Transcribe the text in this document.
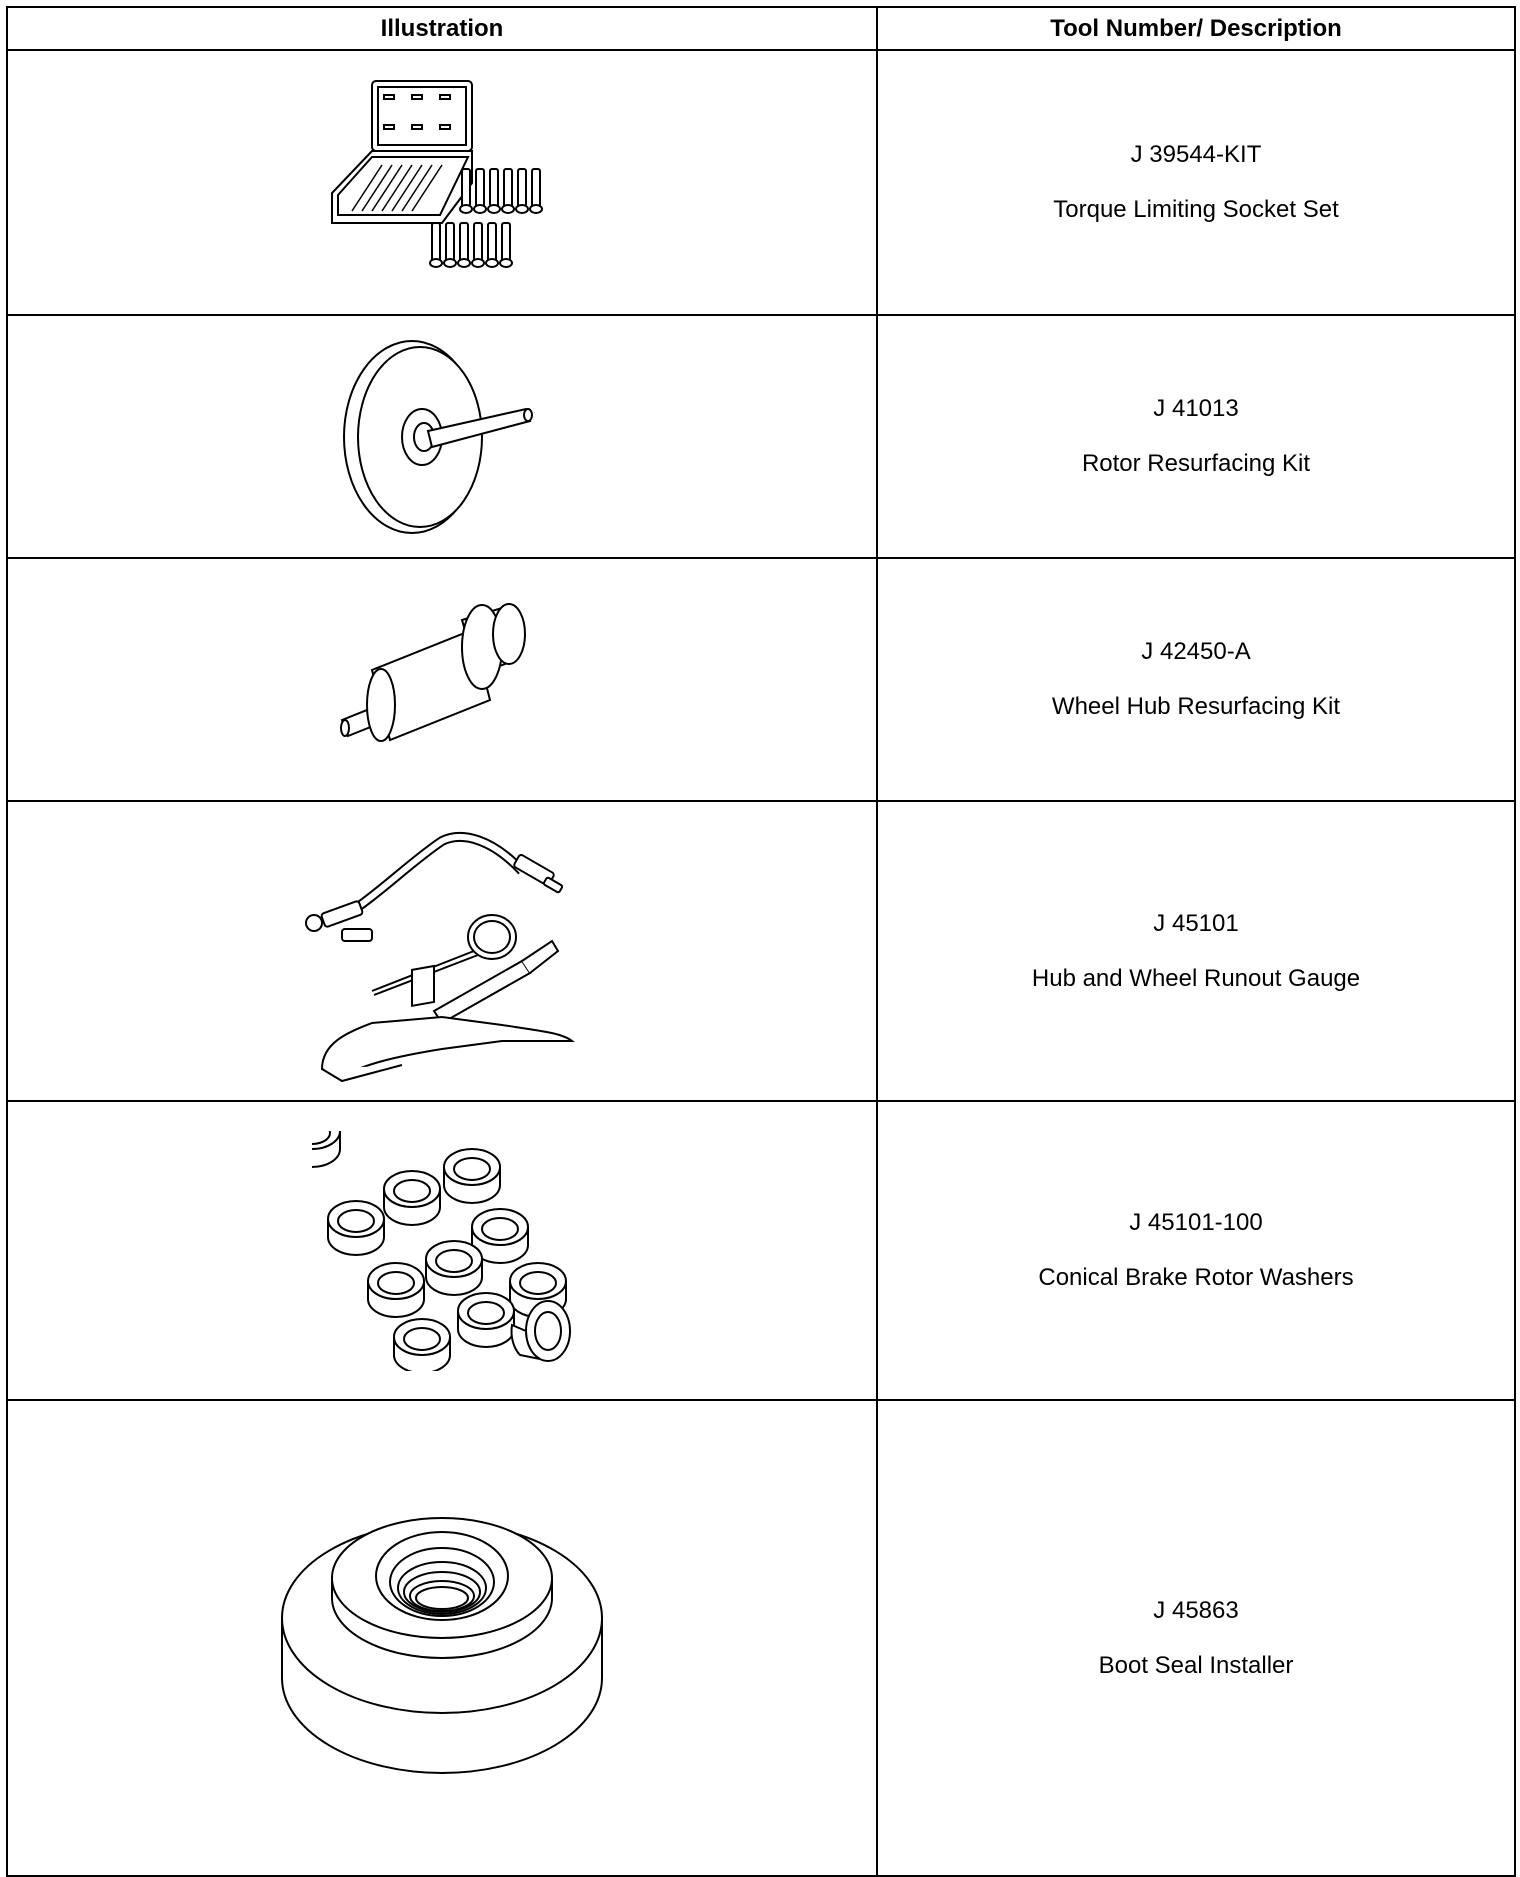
Illustration	Tool Number/ Description

J 39544-KIT
Torque Limiting Socket Set

J 41013
Rotor Resurfacing Kit

J 42450-A
Wheel Hub Resurfacing Kit

J 45101
Hub and Wheel Runout Gauge

J 45101-100
Conical Brake Rotor Washers

J 45863
Boot Seal Installer
